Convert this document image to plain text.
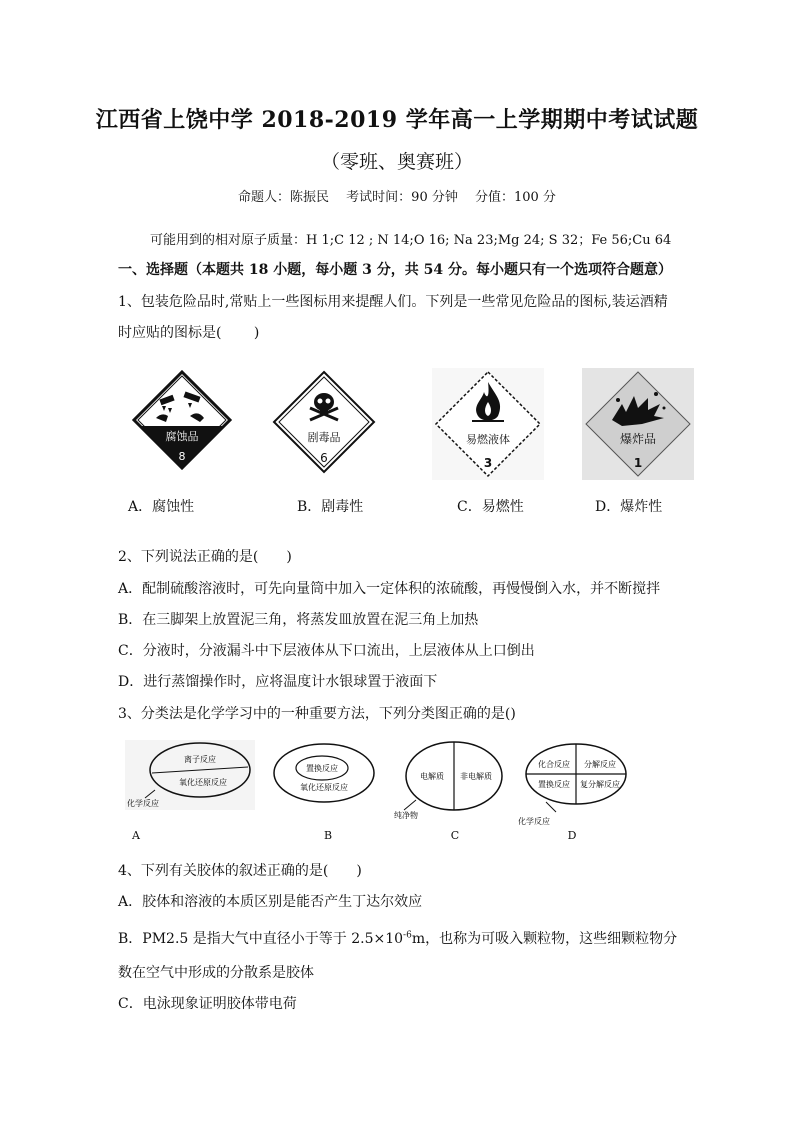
江西省上饶中学 2018-2019 学年高一上学期期中考试试题
（零班、奥赛班）
命题人：陈振民　 考试时间：90 分钟　 分值：100 分
可能用到的相对原子质量：H 1;C 12 ; N 14;O 16; Na 23;Mg 24; S 32；Fe 56;Cu 64
一、选择题（本题共 18 小题，每小题 3 分，共 54 分。每小题只有一个选项符合题意）
1、包装危险品时,常贴上一些图标用来提醒人们。下列是一些常见危险品的图标,装运酒精
时应贴的图标是(　　 )
腐蚀品
8
剧毒品
6
易燃液体
3
爆炸品
1
A．腐蚀性	B．剧毒性	C．易燃性	D．爆炸性
2、下列说法正确的是(　　)
A．配制硫酸溶液时，可先向量筒中加入一定体积的浓硫酸，再慢慢倒入水，并不断搅拌
B．在三脚架上放置泥三角，将蒸发皿放置在泥三角上加热
C．分液时，分液漏斗中下层液体从下口流出，上层液体从上口倒出
D．进行蒸馏操作时，应将温度计水银球置于液面下
3、分类法是化学学习中的一种重要方法，下列分类图正确的是()
离子反应
氧化还原反应
化学反应
A
置换反应
氧化还原反应
B
电解质 非电解质
纯净物
C
化合反应 分解反应
置换反应 复分解反应
化学反应
D
4、下列有关胶体的叙述正确的是(　　)
A．胶体和溶液的本质区别是能否产生丁达尔效应
B．PM2.5 是指大气中直径小于等于 $2.5\times 10^{-6}m$，也称为可吸入颗粒物，这些细颗粒物分
数在空气中形成的分散系是胶体
C．电泳现象证明胶体带电荷
